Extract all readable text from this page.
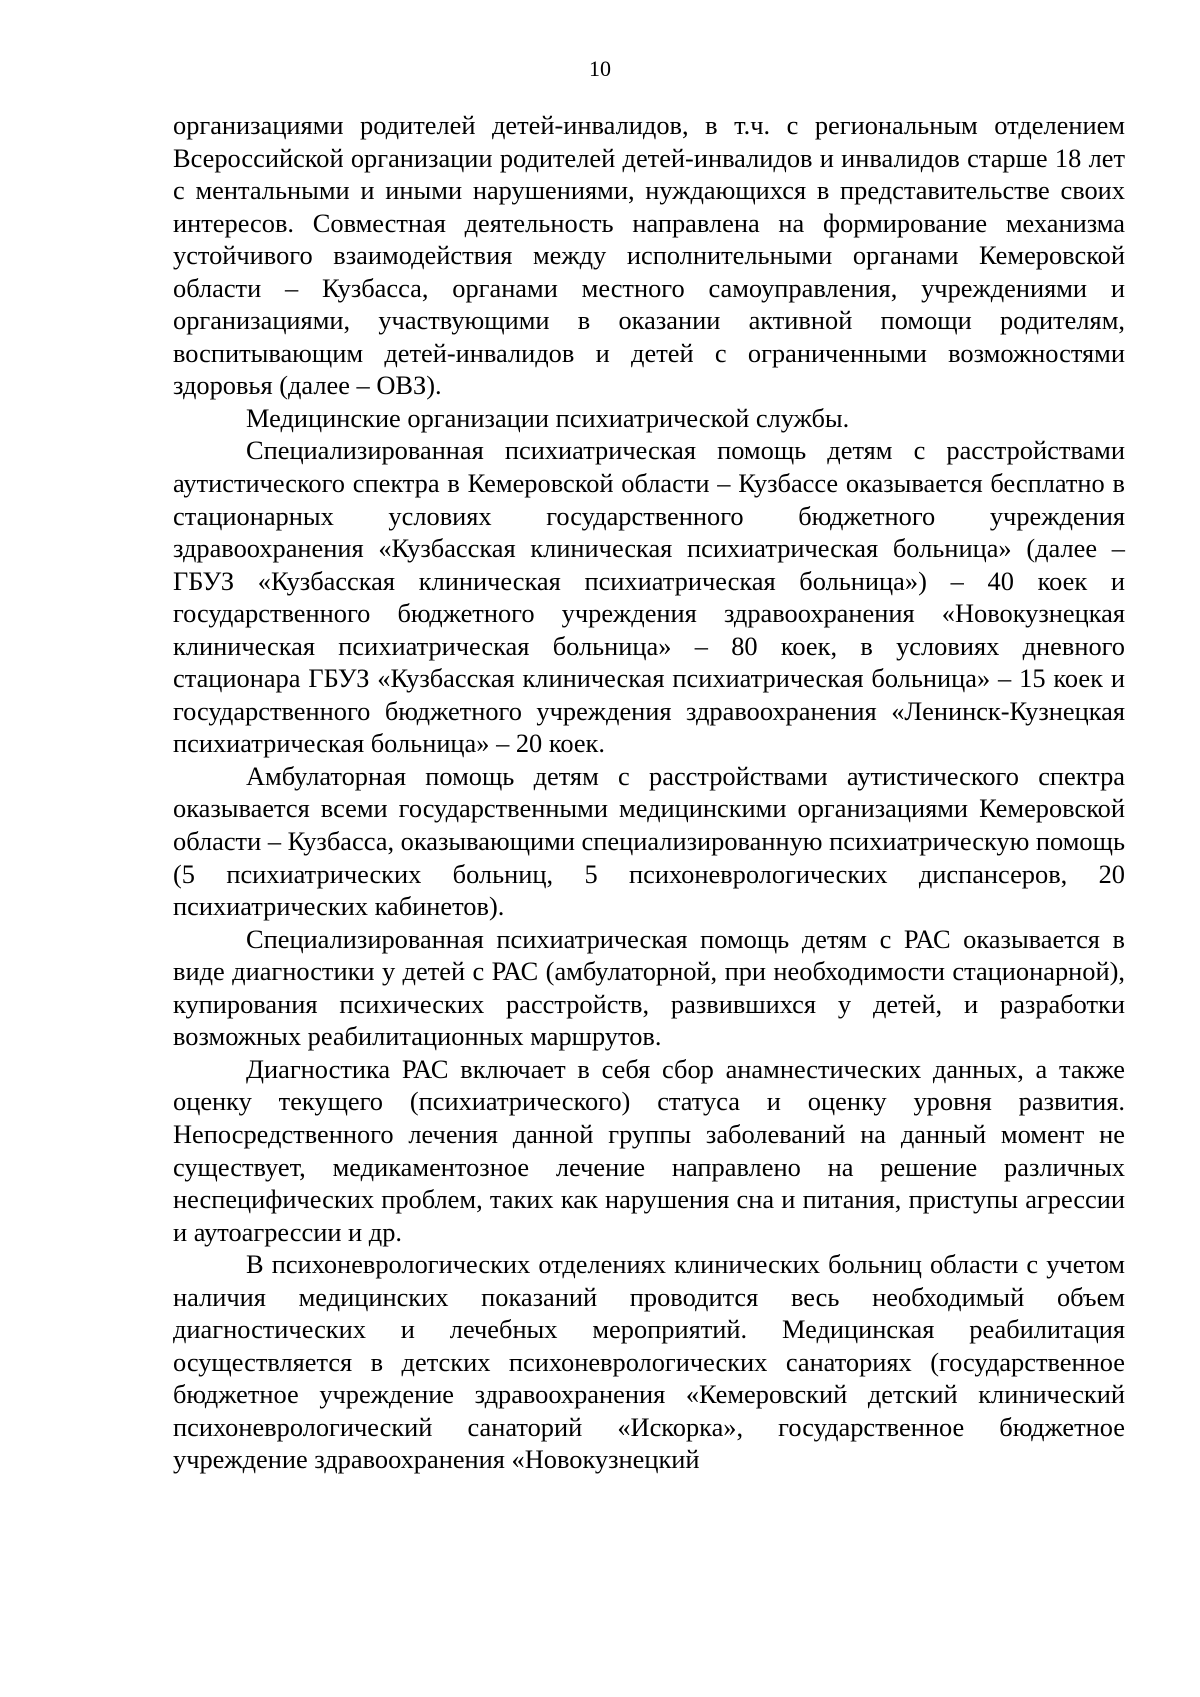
10

организациями родителей детей-инвалидов, в т.ч. с региональным отделением Всероссийской организации родителей детей-инвалидов и инвалидов старше 18 лет с ментальными и иными нарушениями, нуждающихся в представительстве своих интересов. Совместная деятельность направлена на формирование механизма устойчивого взаимодействия между исполнительными органами Кемеровской области – Кузбасса, органами местного самоуправления, учреждениями и организациями, участвующими в оказании активной помощи родителям, воспитывающим детей-инвалидов и детей с ограниченными возможностями здоровья (далее – ОВЗ).

Медицинские организации психиатрической службы.

Специализированная психиатрическая помощь детям с расстройствами аутистического спектра в Кемеровской области – Кузбассе оказывается бесплатно в стационарных условиях государственного бюджетного учреждения здравоохранения «Кузбасская клиническая психиатрическая больница» (далее – ГБУЗ «Кузбасская клиническая психиатрическая больница») – 40 коек и государственного бюджетного учреждения здравоохранения «Новокузнецкая клиническая психиатрическая больница» – 80 коек, в условиях дневного стационара ГБУЗ «Кузбасская клиническая психиатрическая больница» – 15 коек и государственного бюджетного учреждения здравоохранения «Ленинск-Кузнецкая психиатрическая больница» – 20 коек.

Амбулаторная помощь детям с расстройствами аутистического спектра оказывается всеми государственными медицинскими организациями Кемеровской области – Кузбасса, оказывающими специализированную психиатрическую помощь (5 психиатрических больниц, 5 психоневрологических диспансеров, 20 психиатрических кабинетов).

Специализированная психиатрическая помощь детям с РАС оказывается в виде диагностики у детей с РАС (амбулаторной, при необходимости стационарной), купирования психических расстройств, развившихся у детей, и разработки возможных реабилитационных маршрутов.

Диагностика РАС включает в себя сбор анамнестических данных, а также оценку текущего (психиатрического) статуса и оценку уровня развития. Непосредственного лечения данной группы заболеваний на данный момент не существует, медикаментозное лечение направлено на решение различных неспецифических проблем, таких как нарушения сна и питания, приступы агрессии и аутоагрессии и др.

В психоневрологических отделениях клинических больниц области с учетом наличия медицинских показаний проводится весь необходимый объем диагностических и лечебных мероприятий. Медицинская реабилитация осуществляется в детских психоневрологических санаториях (государственное бюджетное учреждение здравоохранения «Кемеровский детский клинический психоневрологический санаторий «Искорка», государственное бюджетное учреждение здравоохранения «Новокузнецкий
